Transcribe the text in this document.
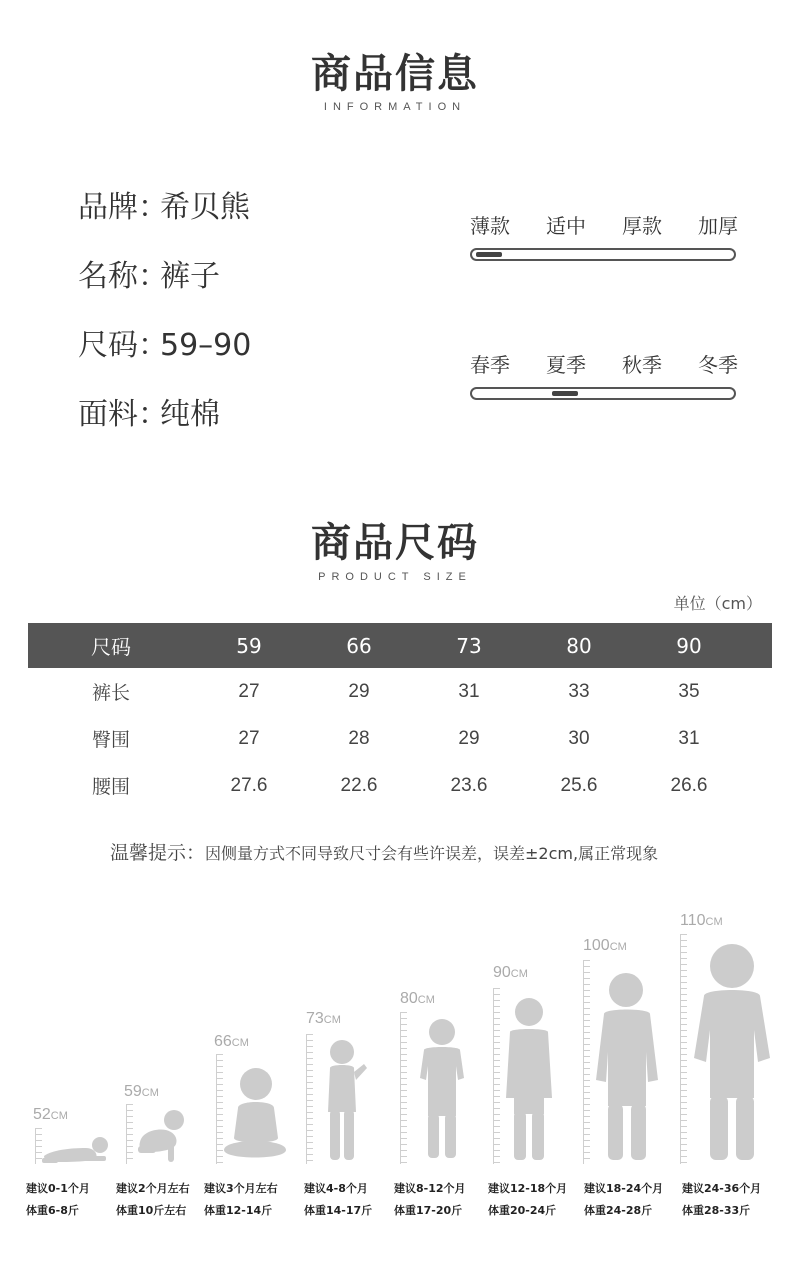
商品信息
INFORMATION
品牌：希贝熊
名称：裤子
尺码：59–90
面料：纯棉
薄款 适中 厚款 加厚
春季 夏季 秋季 冬季
商品尺码
PRODUCT SIZE
单位（cm）
尺码	59	66	73	80	90	
裤长	27	29	31	33	35	
臀围	27	28	29	30	31	
腰围	27.6	22.6	23.6	25.6	26.6	
温馨提示：因侧量方式不同导致尺寸会有些许误差，误差±2cm,属正常现象
52CM
59CM
66CM
73CM
80CM
90CM
100CM
110CM
建议0-1个月
体重6-8斤
建议2个月左右
体重10斤左右
建议3个月左右
体重12-14斤
建议4-8个月
体重14-17斤
建议8-12个月
体重17-20斤
建议12-18个月
体重20-24斤
建议18-24个月
体重24-28斤
建议24-36个月
体重28-33斤
